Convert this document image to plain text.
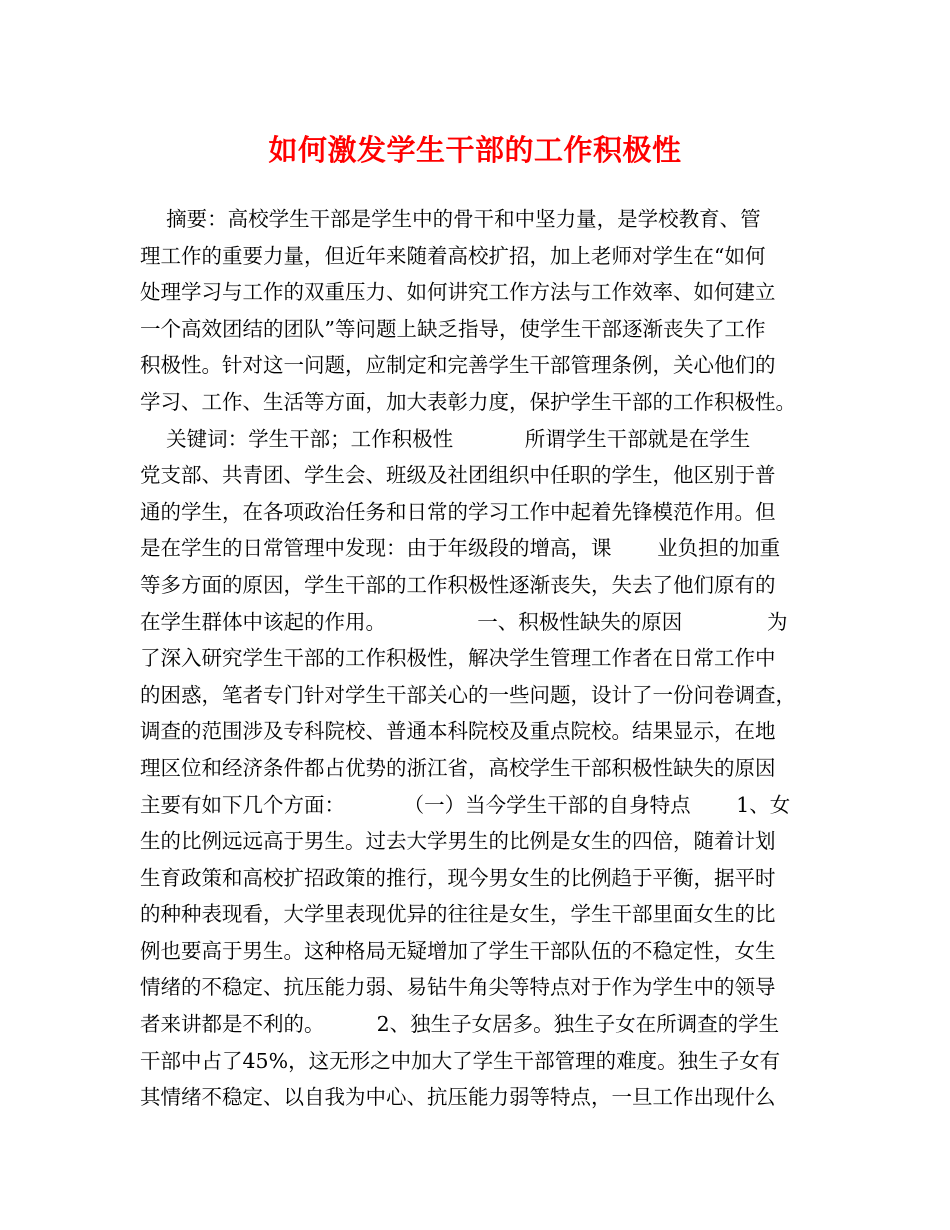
如何激发学生干部的工作积极性
摘要：高校学生干部是学生中的骨干和中坚力量，是学校教育、管
理工作的重要力量，但近年来随着高校扩招，加上老师对学生在“如何
处理学习与工作的双重压力、如何讲究工作方法与工作效率、如何建立
一个高效团结的团队”等问题上缺乏指导，使学生干部逐渐丧失了工作
积极性。针对这一问题，应制定和完善学生干部管理条例，关心他们的
学习、工作、生活等方面，加大表彰力度，保护学生干部的工作积极性。
关键词：学生干部；工作积极性           所谓学生干部就是在学生
党支部、共青团、学生会、班级及社团组织中任职的学生，他区别于普
通的学生，在各项政治任务和日常的学习工作中起着先锋模范作用。但
是在学生的日常管理中发现：由于年级段的增高，课       业负担的加重
等多方面的原因，学生干部的工作积极性逐渐丧失，失去了他们原有的
在学生群体中该起的作用。              一、积极性缺失的原因             为
了深入研究学生干部的工作积极性，解决学生管理工作者在日常工作中
的困惑，笔者专门针对学生干部关心的一些问题，设计了一份问卷调查，
调查的范围涉及专科院校、普通本科院校及重点院校。结果显示，在地
理区位和经济条件都占优势的浙江省，高校学生干部积极性缺失的原因
主要有如下几个方面：         （一）当今学生干部的自身特点       1、女
生的比例远远高于男生。过去大学男生的比例是女生的四倍，随着计划
生育政策和高校扩招政策的推行，现今男女生的比例趋于平衡，据平时
的种种表现看，大学里表现优异的往往是女生，学生干部里面女生的比
例也要高于男生。这种格局无疑增加了学生干部队伍的不稳定性，女生
情绪的不稳定、抗压能力弱、易钻牛角尖等特点对于作为学生中的领导
者来讲都是不利的。        2、独生子女居多。独生子女在所调查的学生
干部中占了45%，这无形之中加大了学生干部管理的难度。独生子女有
其情绪不稳定、以自我为中心、抗压能力弱等特点，一旦工作出现什么
